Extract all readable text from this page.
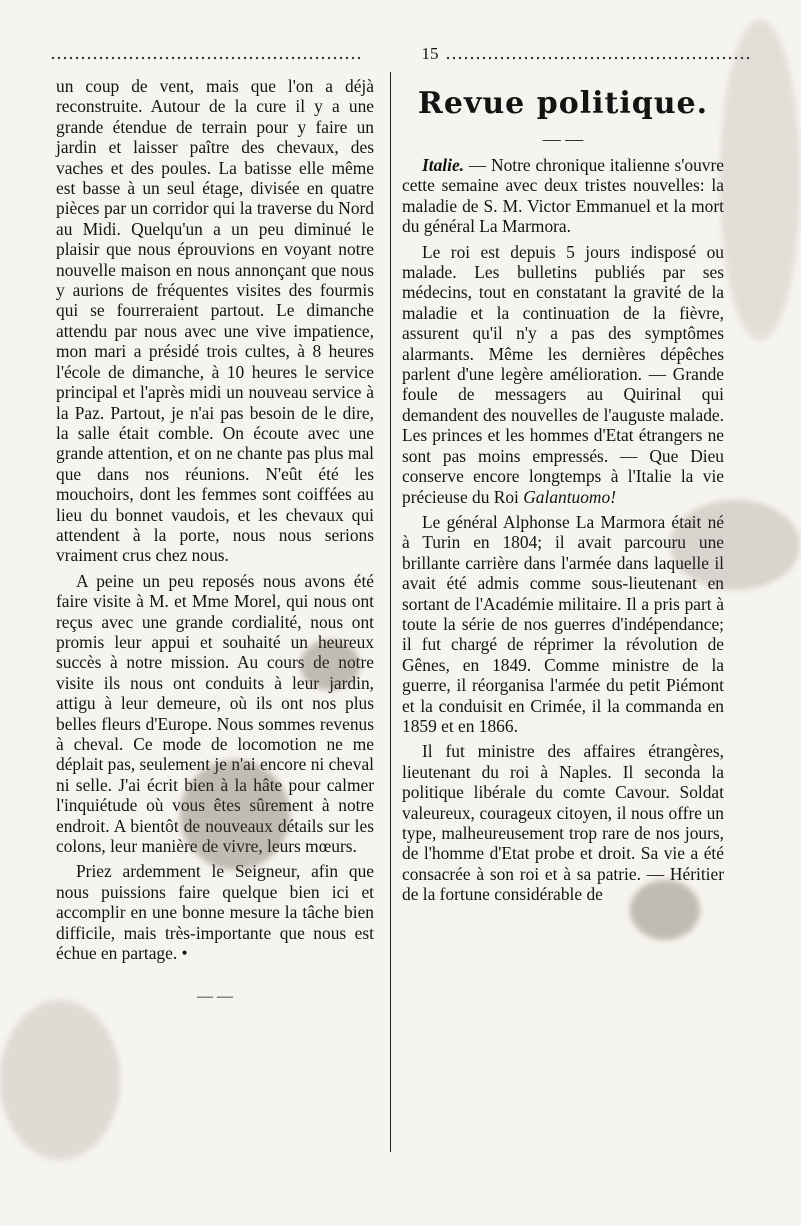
15

un coup de vent, mais que l'on a déjà reconstruite. Autour de la cure il y a une grande étendue de terrain pour y faire un jardin et laisser paître des chevaux, des vaches et des poules. La batisse elle même est basse à un seul étage, divisée en quatre pièces par un corridor qui la traverse du Nord au Midi. Quelqu'un a un peu diminué le plaisir que nous éprouvions en voyant notre nouvelle maison en nous annonçant que nous y aurions de fréquentes visites des fourmis qui se fourreraient partout. Le dimanche attendu par nous avec une vive impatience, mon mari a présidé trois cultes, à 8 heures l'école de dimanche, à 10 heures le service principal et l'après midi un nouveau service à la Paz. Partout, je n'ai pas besoin de le dire, la salle était comble. On écoute avec une grande attention, et on ne chante pas plus mal que dans nos réunions. N'eût été les mouchoirs, dont les femmes sont coiffées au lieu du bonnet vaudois, et les chevaux qui attendent à la porte, nous nous serions vraiment crus chez nous.

A peine un peu reposés nous avons été faire visite à M. et Mme Morel, qui nous ont reçus avec une grande cordialité, nous ont promis leur appui et souhaité un heureux succès à notre mission. Au cours de notre visite ils nous ont conduits à leur jardin, attigu à leur demeure, où ils ont nos plus belles fleurs d'Europe. Nous sommes revenus à cheval. Ce mode de locomotion ne me déplait pas, seulement je n'ai encore ni cheval ni selle. J'ai écrit bien à la hâte pour calmer l'inquiétude où vous êtes sûrement à notre endroit. A bientôt de nouveaux détails sur les colons, leur manière de vivre, leurs mœurs.

Priez ardemment le Seigneur, afin que nous puissions faire quelque bien ici et accomplir en une bonne mesure la tâche bien difficile, mais très-importante que nous est échue en partage. •

— —
Revue politique.
— —

Italie. — Notre chronique italienne s'ouvre cette semaine avec deux tristes nouvelles: la maladie de S. M. Victor Emmanuel et la mort du général La Marmora.

Le roi est depuis 5 jours indisposé ou malade. Les bulletins publiés par ses médecins, tout en constatant la gravité de la maladie et la continuation de la fièvre, assurent qu'il n'y a pas des symptômes alarmants. Même les dernières dépêches parlent d'une legère amélioration. — Grande foule de messagers au Quirinal qui demandent des nouvelles de l'auguste malade. Les princes et les hommes d'Etat étrangers ne sont pas moins empressés. — Que Dieu conserve encore longtemps à l'Italie la vie précieuse du Roi Galantuomo!

Le général Alphonse La Marmora était né à Turin en 1804; il avait parcouru une brillante carrière dans l'armée dans laquelle il avait été admis comme sous-lieutenant en sortant de l'Académie militaire. Il a pris part à toute la série de nos guerres d'indépendance; il fut chargé de réprimer la révolution de Gênes, en 1849. Comme ministre de la guerre, il réorganisa l'armée du petit Piémont et la conduisit en Crimée, il la commanda en 1859 et en 1866.

Il fut ministre des affaires étrangères, lieutenant du roi à Naples. Il seconda la politique libérale du comte Cavour. Soldat valeureux, courageux citoyen, il nous offre un type, malheureusement trop rare de nos jours, de l'homme d'Etat probe et droit. Sa vie a été consacrée à son roi et à sa patrie. — Héritier de la fortune considérable de
